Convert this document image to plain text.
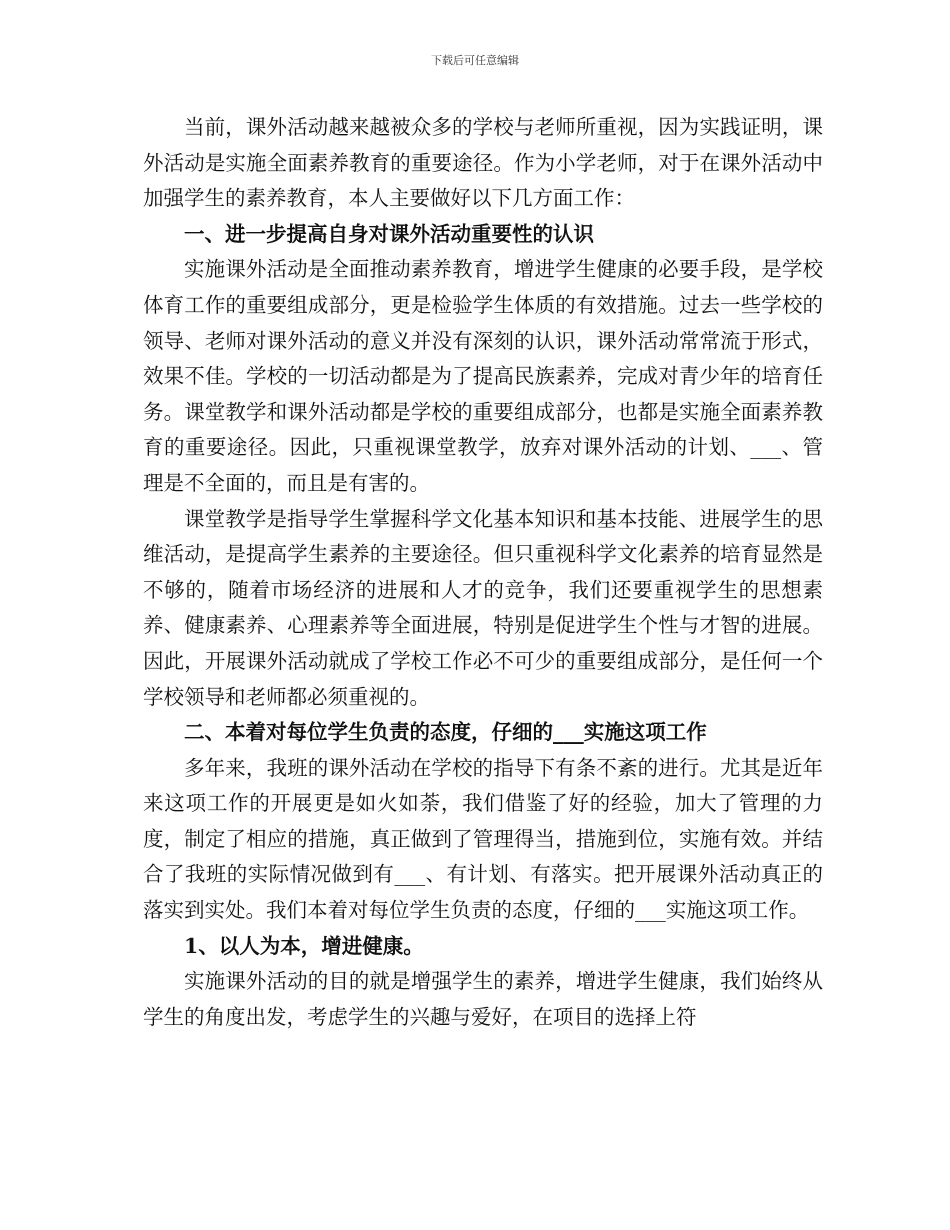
下载后可任意编辑

当前，课外活动越来越被众多的学校与老师所重视，因为实践证明，课外活动是实施全面素养教育的重要途径。作为小学老师，对于在课外活动中加强学生的素养教育，本人主要做好以下几方面工作：

一、进一步提高自身对课外活动重要性的认识

实施课外活动是全面推动素养教育，增进学生健康的必要手段，是学校体育工作的重要组成部分，更是检验学生体质的有效措施。过去一些学校的领导、老师对课外活动的意义并没有深刻的认识，课外活动常常流于形式，效果不佳。学校的一切活动都是为了提高民族素养，完成对青少年的培育任务。课堂教学和课外活动都是学校的重要组成部分，也都是实施全面素养教育的重要途径。因此，只重视课堂教学，放弃对课外活动的计划、___、管理是不全面的，而且是有害的。

课堂教学是指导学生掌握科学文化基本知识和基本技能、进展学生的思维活动，是提高学生素养的主要途径。但只重视科学文化素养的培育显然是不够的，随着市场经济的进展和人才的竞争，我们还要重视学生的思想素养、健康素养、心理素养等全面进展，特别是促进学生个性与才智的进展。因此，开展课外活动就成了学校工作必不可少的重要组成部分，是任何一个学校领导和老师都必须重视的。

二、本着对每位学生负责的态度，仔细的___实施这项工作

多年来，我班的课外活动在学校的指导下有条不紊的进行。尤其是近年来这项工作的开展更是如火如荼，我们借鉴了好的经验，加大了管理的力度，制定了相应的措施，真正做到了管理得当，措施到位，实施有效。并结合了我班的实际情况做到有___、有计划、有落实。把开展课外活动真正的落实到实处。我们本着对每位学生负责的态度，仔细的___实施这项工作。

1、以人为本，增进健康。

实施课外活动的目的就是增强学生的素养，增进学生健康，我们始终从学生的角度出发，考虑学生的兴趣与爱好，在项目的选择上符
